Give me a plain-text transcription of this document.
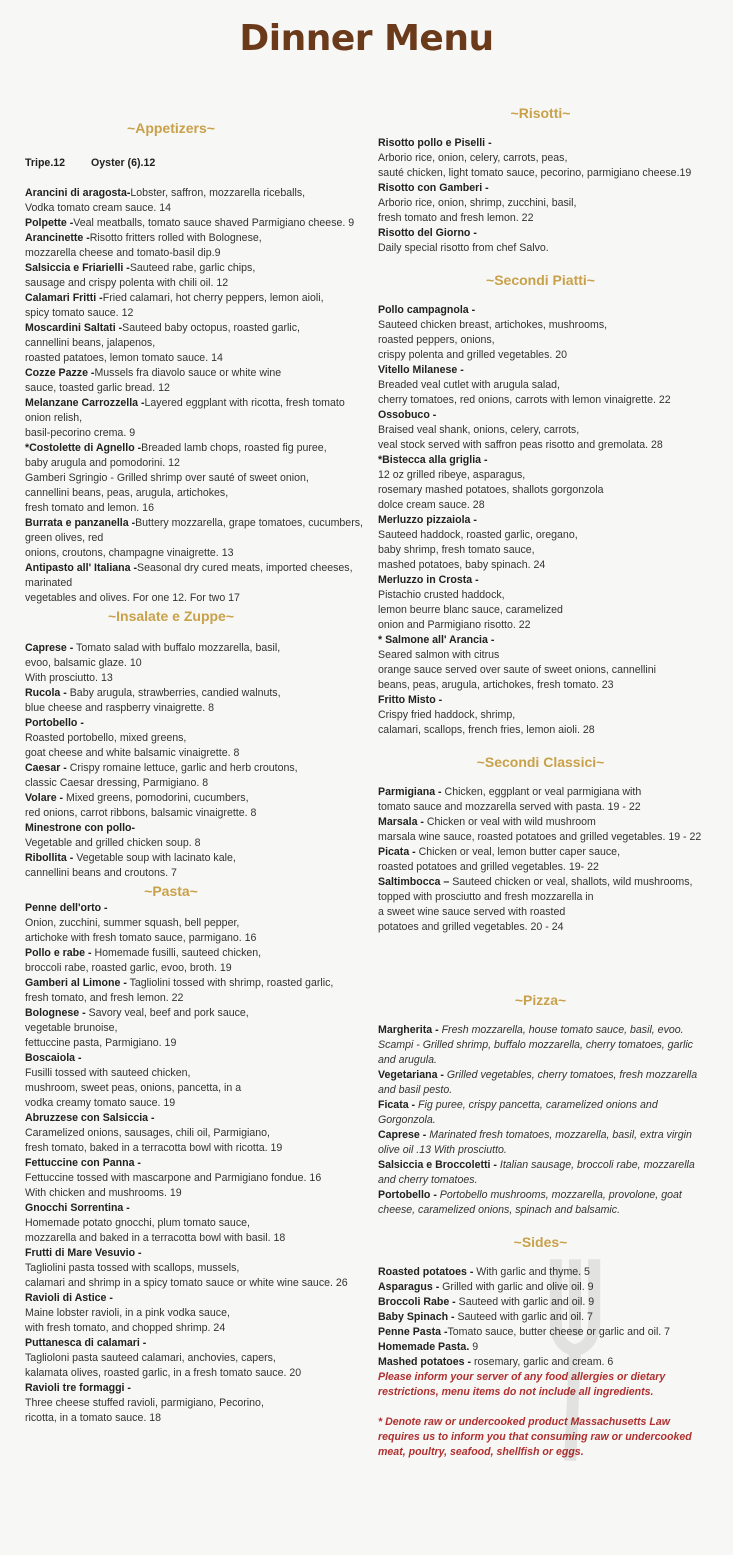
Dinner Menu
~Appetizers~
Tripe.12 Oyster (6).12
Arancini di aragosta-Lobster, saffron, mozzarella riceballs,
Vodka tomato cream sauce. 14
Polpette -Veal meatballs, tomato sauce shaved Parmigiano cheese. 9
Arancinette -Risotto fritters rolled with Bolognese,
mozzarella cheese and tomato-basil dip.9
Salsiccia e Friarielli -Sauteed rabe, garlic chips,
sausage and crispy polenta with chili oil. 12
Calamari Fritti -Fried calamari, hot cherry peppers, lemon aioli,
spicy tomato sauce. 12
Moscardini Saltati -Sauteed baby octopus, roasted garlic,
cannellini beans, jalapenos,
roasted patatoes, lemon tomato sauce. 14
Cozze Pazze -Mussels fra diavolo sauce or white wine
sauce, toasted garlic bread. 12
Melanzane Carrozzella -Layered eggplant with ricotta, fresh tomato onion relish,
basil-pecorino crema. 9
*Costolette di Agnello -Breaded lamb chops, roasted fig puree,
baby arugula and pomodorini. 12
Gamberi Sgringio - Grilled shrimp over sauté of sweet onion,
cannellini beans, peas, arugula, artichokes,
fresh tomato and lemon. 16
Burrata e panzanella -Buttery mozzarella, grape tomatoes, cucumbers, green olives, red
onions, croutons, champagne vinaigrette. 13
Antipasto all' Italiana -Seasonal dry cured meats, imported cheeses, marinated
vegetables and olives. For one 12. For two 17
~Insalate e Zuppe~
Caprese - Tomato salad with buffalo mozzarella, basil,
evoo, balsamic glaze. 10
With prosciutto. 13
Rucola - Baby arugula, strawberries, candied walnuts,
blue cheese and raspberry vinaigrette. 8
Portobello -
Roasted portobello, mixed greens,
goat cheese and white balsamic vinaigrette. 8
Caesar - Crispy romaine lettuce, garlic and herb croutons,
classic Caesar dressing, Parmigiano. 8
Volare - Mixed greens, pomodorini, cucumbers,
red onions, carrot ribbons, balsamic vinaigrette. 8
Minestrone con pollo-
Vegetable and grilled chicken soup. 8
Ribollita - Vegetable soup with lacinato kale,
cannellini beans and croutons. 7
~Pasta~
Penne dell'orto -
Onion, zucchini, summer squash, bell pepper,
artichoke with fresh tomato sauce, parmigano. 16
Pollo e rabe - Homemade fusilli, sauteed chicken,
broccoli rabe, roasted garlic, evoo, broth. 19
Gamberi al Limone - Tagliolini tossed with shrimp, roasted garlic,
fresh tomato, and fresh lemon. 22
Bolognese - Savory veal, beef and pork sauce,
vegetable brunoise,
fettuccine pasta, Parmigiano. 19
Boscaiola -
Fusilli tossed with sauteed chicken,
mushroom, sweet peas, onions, pancetta, in a
vodka creamy tomato sauce. 19
Abruzzese con Salsiccia -
Caramelized onions, sausages, chili oil, Parmigiano,
fresh tomato, baked in a terracotta bowl with ricotta. 19
Fettuccine con Panna -
Fettuccine tossed with mascarpone and Parmigiano fondue. 16
With chicken and mushrooms. 19
Gnocchi Sorrentina -
Homemade potato gnocchi, plum tomato sauce,
mozzarella and baked in a terracotta bowl with basil. 18
Frutti di Mare Vesuvio -
Tagliolini pasta tossed with scallops, mussels,
calamari and shrimp in a spicy tomato sauce or white wine sauce. 26
Ravioli di Astice -
Maine lobster ravioli, in a pink vodka sauce,
with fresh tomato, and chopped shrimp. 24
Puttanesca di calamari -
Taglioloni pasta sauteed calamari, anchovies, capers,
kalamata olives, roasted garlic, in a fresh tomato sauce. 20
Ravioli tre formaggi -
Three cheese stuffed ravioli, parmigiano, Pecorino,
ricotta, in a tomato sauce. 18
~Risotti~
Risotto pollo e Piselli -
Arborio rice, onion, celery, carrots, peas,
sauté chicken, light tomato sauce, pecorino, parmigiano cheese.19
Risotto con Gamberi -
Arborio rice, onion, shrimp, zucchini, basil,
fresh tomato and fresh lemon. 22
Risotto del Giorno -
Daily special risotto from chef Salvo.
~Secondi Piatti~
Pollo campagnola -
Sauteed chicken breast, artichokes, mushrooms,
roasted peppers, onions,
crispy polenta and grilled vegetables. 20
Vitello Milanese -
Breaded veal cutlet with arugula salad,
cherry tomatoes, red onions, carrots with lemon vinaigrette. 22
Ossobuco -
Braised veal shank, onions, celery, carrots,
veal stock served with saffron peas risotto and gremolata. 28
*Bistecca alla griglia -
12 oz grilled ribeye, asparagus,
rosemary mashed potatoes, shallots gorgonzola
dolce cream sauce. 28
Merluzzo pizzaiola -
Sauteed haddock, roasted garlic, oregano,
baby shrimp, fresh tomato sauce,
mashed potatoes, baby spinach. 24
Merluzzo in Crosta -
Pistachio crusted haddock,
lemon beurre blanc sauce, caramelized
onion and Parmigiano risotto. 22
* Salmone all' Arancia -
Seared salmon with citrus
orange sauce served over saute of sweet onions, cannellini
beans, peas, arugula, artichokes, fresh tomato. 23
Fritto Misto -
Crispy fried haddock, shrimp,
calamari, scallops, french fries, lemon aioli. 28
~Secondi Classici~
Parmigiana - Chicken, eggplant or veal parmigiana with
tomato sauce and mozzarella served with pasta. 19 - 22
Marsala - Chicken or veal with wild mushroom
marsala wine sauce, roasted potatoes and grilled vegetables. 19 - 22
Picata - Chicken or veal, lemon butter caper sauce,
roasted potatoes and grilled vegetables. 19- 22
Saltimbocca – Sauteed chicken or veal, shallots, wild mushrooms,
topped with prosciutto and fresh mozzarella in
a sweet wine sauce served with roasted
potatoes and grilled vegetables. 20 - 24
~Pizza~
Margherita - Fresh mozzarella, house tomato sauce, basil, evoo.
Scampi - Grilled shrimp, buffalo mozzarella, cherry tomatoes, garlic
and arugula.
Vegetariana - Grilled vegetables, cherry tomatoes, fresh mozzarella
and basil pesto.
Ficata - Fig puree, crispy pancetta, caramelized onions and
Gorgonzola.
Caprese - Marinated fresh tomatoes, mozzarella, basil, extra virgin
olive oil .13 With prosciutto.
Salsiccia e Broccoletti - Italian sausage, broccoli rabe, mozzarella
and cherry tomatoes.
Portobello - Portobello mushrooms, mozzarella, provolone, goat
cheese, caramelized onions, spinach and balsamic.
~Sides~
Roasted potatoes - With garlic and thyme. 5
Asparagus - Grilled with garlic and olive oil. 9
Broccoli Rabe - Sauteed with garlic and oil. 9
Baby Spinach - Sauteed with garlic and oil. 7
Penne Pasta -Tomato sauce, butter cheese or garlic and oil. 7
Homemade Pasta. 9
Mashed potatoes - rosemary, garlic and cream. 6
Please inform your server of any food allergies or dietary
restrictions, menu items do not include all ingredients.
* Denote raw or undercooked product Massachusetts Law
requires us to inform you that consuming raw or undercooked
meat, poultry, seafood, shellfish or eggs.
